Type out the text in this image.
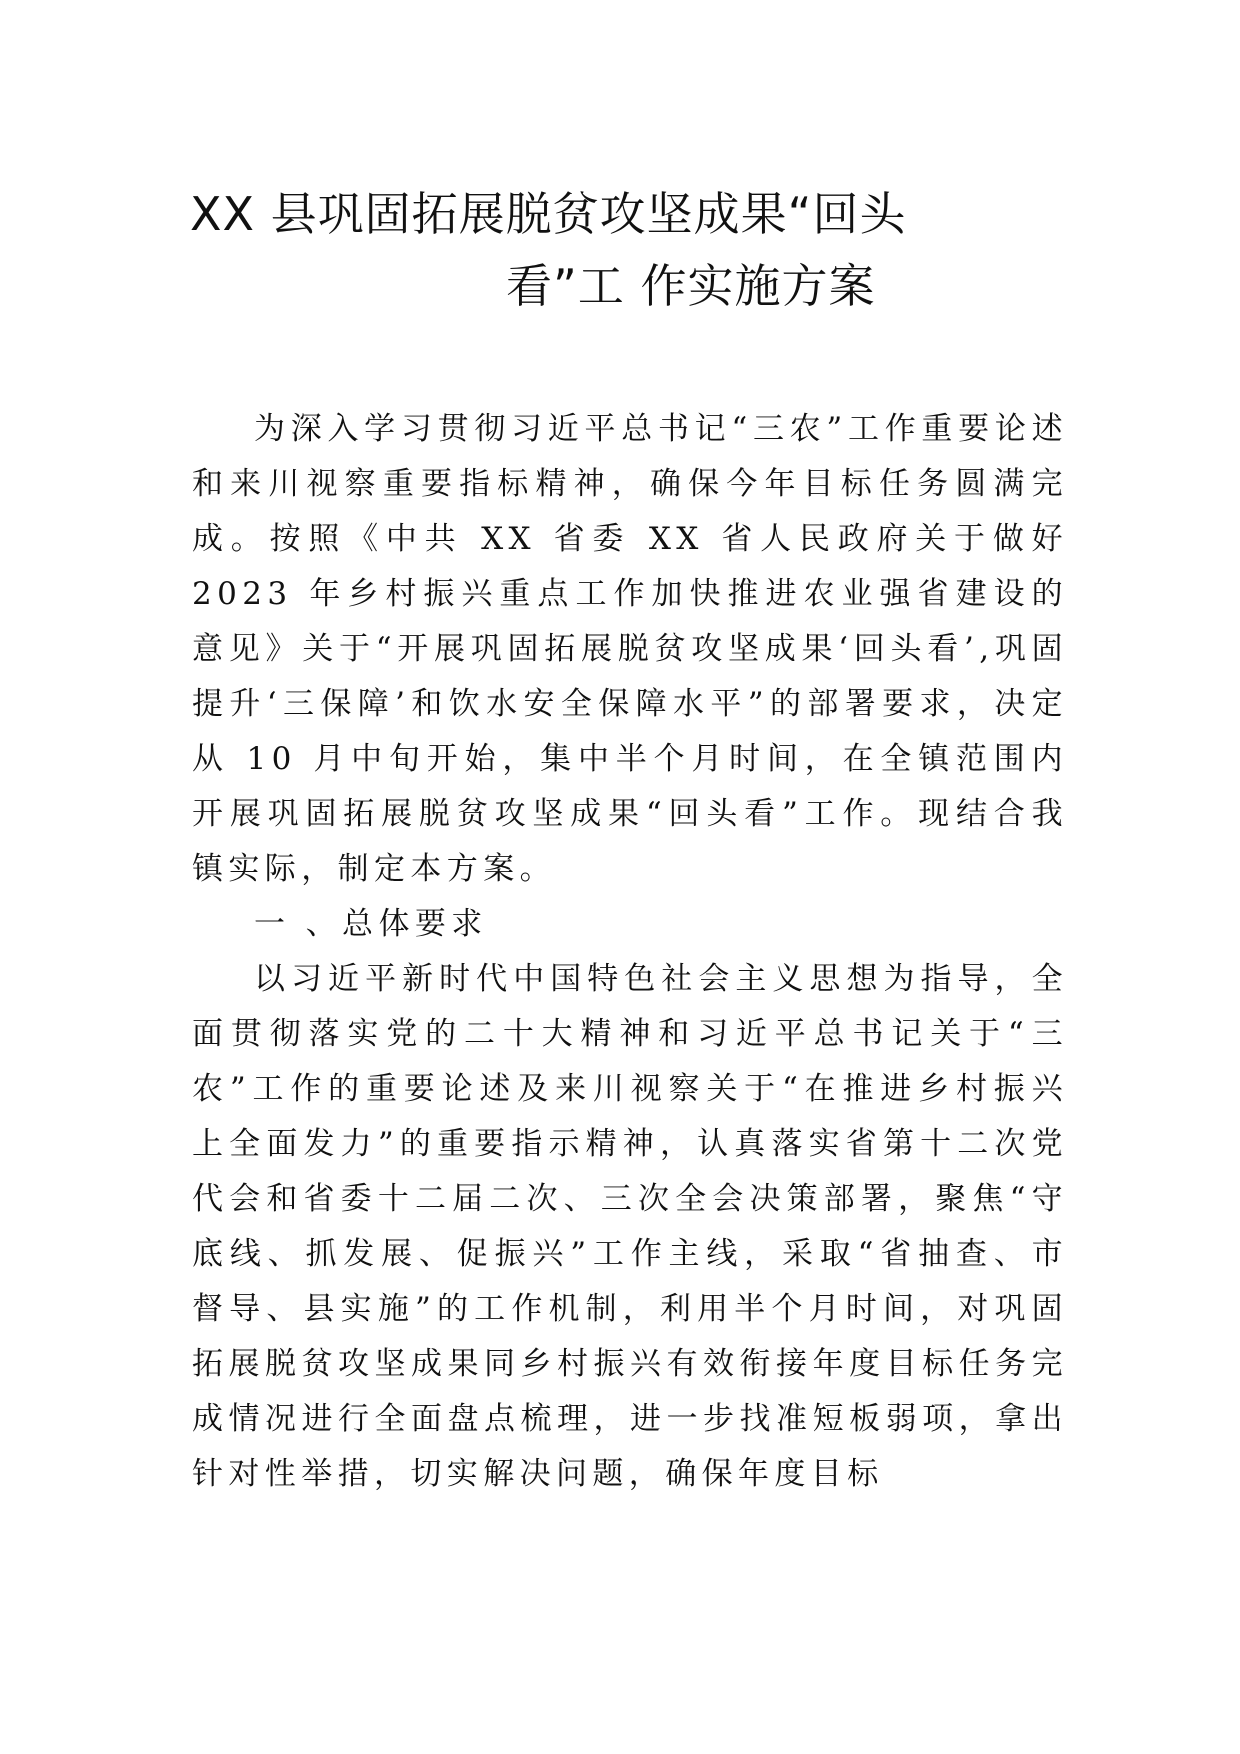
XX 县巩固拓展脱贫攻坚成果“回头
看”工 作实施方案

为深入学习贯彻习近平总书记“三农”工作重要论述和来川视察重要指标精神，确保今年目标任务圆满完成。按照《中共 XX 省委 XX 省人民政府关于做好2023 年乡村振兴重点工作加快推进农业强省建设的意见》关于“开展巩固拓展脱贫攻坚成果‘回头看’,巩固提升‘三保障’和饮水安全保障水平”的部署要求，决定从 10 月中旬开始，集中半个月时间，在全镇范围内开展巩固拓展脱贫攻坚成果“回头看”工作。现结合我镇实际，制定本方案。

一 、总体要求

以习近平新时代中国特色社会主义思想为指导，全面贯彻落实党的二十大精神和习近平总书记关于“三农”工作的重要论述及来川视察关于“在推进乡村振兴上全面发力”的重要指示精神，认真落实省第十二次党代会和省委十二届二次、三次全会决策部署，聚焦“守底线、抓发展、促振兴”工作主线，采取“省抽查、市督导、县实施”的工作机制，利用半个月时间，对巩固拓展脱贫攻坚成果同乡村振兴有效衔接年度目标任务完成情况进行全面盘点梳理，进一步找准短板弱项，拿出针对性举措，切实解决问题，确保年度目标
